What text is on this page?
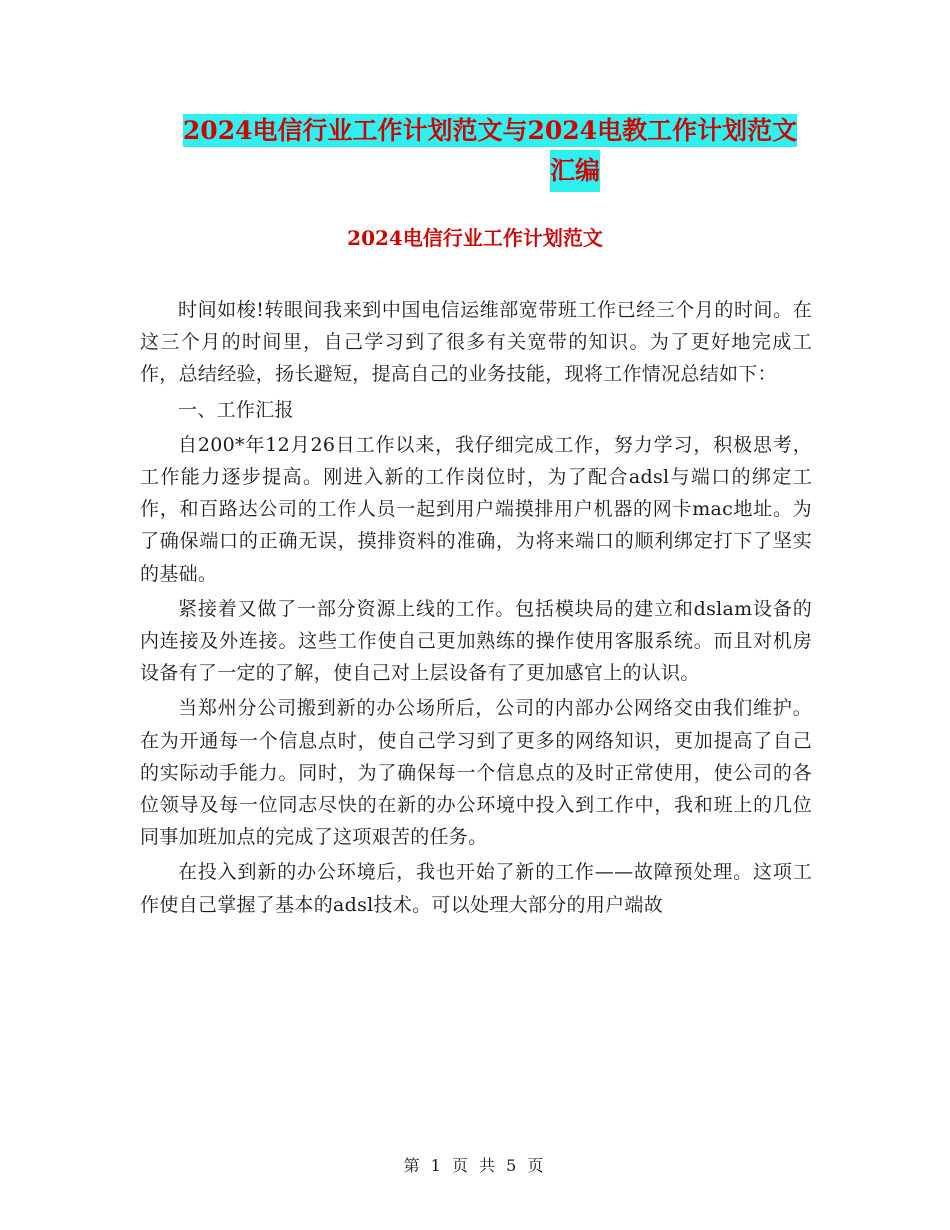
2024电信行业工作计划范文与2024电教工作计划范文
汇编
2024电信行业工作计划范文

时间如梭!转眼间我来到中国电信运维部宽带班工作已经三个月的时间。在这三个月的时间里，自己学习到了很多有关宽带的知识。为了更好地完成工作，总结经验，扬长避短，提高自己的业务技能，现将工作情况总结如下：

一、工作汇报

自200*年12月26日工作以来，我仔细完成工作，努力学习，积极思考，工作能力逐步提高。刚进入新的工作岗位时，为了配合adsl与端口的绑定工作，和百路达公司的工作人员一起到用户端摸排用户机器的网卡mac地址。为了确保端口的正确无误，摸排资料的准确，为将来端口的顺利绑定打下了坚实的基础。

紧接着又做了一部分资源上线的工作。包括模块局的建立和dslam设备的内连接及外连接。这些工作使自己更加熟练的操作使用客服系统。而且对机房设备有了一定的了解，使自己对上层设备有了更加感官上的认识。

当郑州分公司搬到新的办公场所后，公司的内部办公网络交由我们维护。在为开通每一个信息点时，使自己学习到了更多的网络知识，更加提高了自己的实际动手能力。同时，为了确保每一个信息点的及时正常使用，使公司的各位领导及每一位同志尽快的在新的办公环境中投入到工作中，我和班上的几位同事加班加点的完成了这项艰苦的任务。

在投入到新的办公环境后，我也开始了新的工作——故障预处理。这项工作使自己掌握了基本的adsl技术。可以处理大部分的用户端故

第 1 页 共 5 页
